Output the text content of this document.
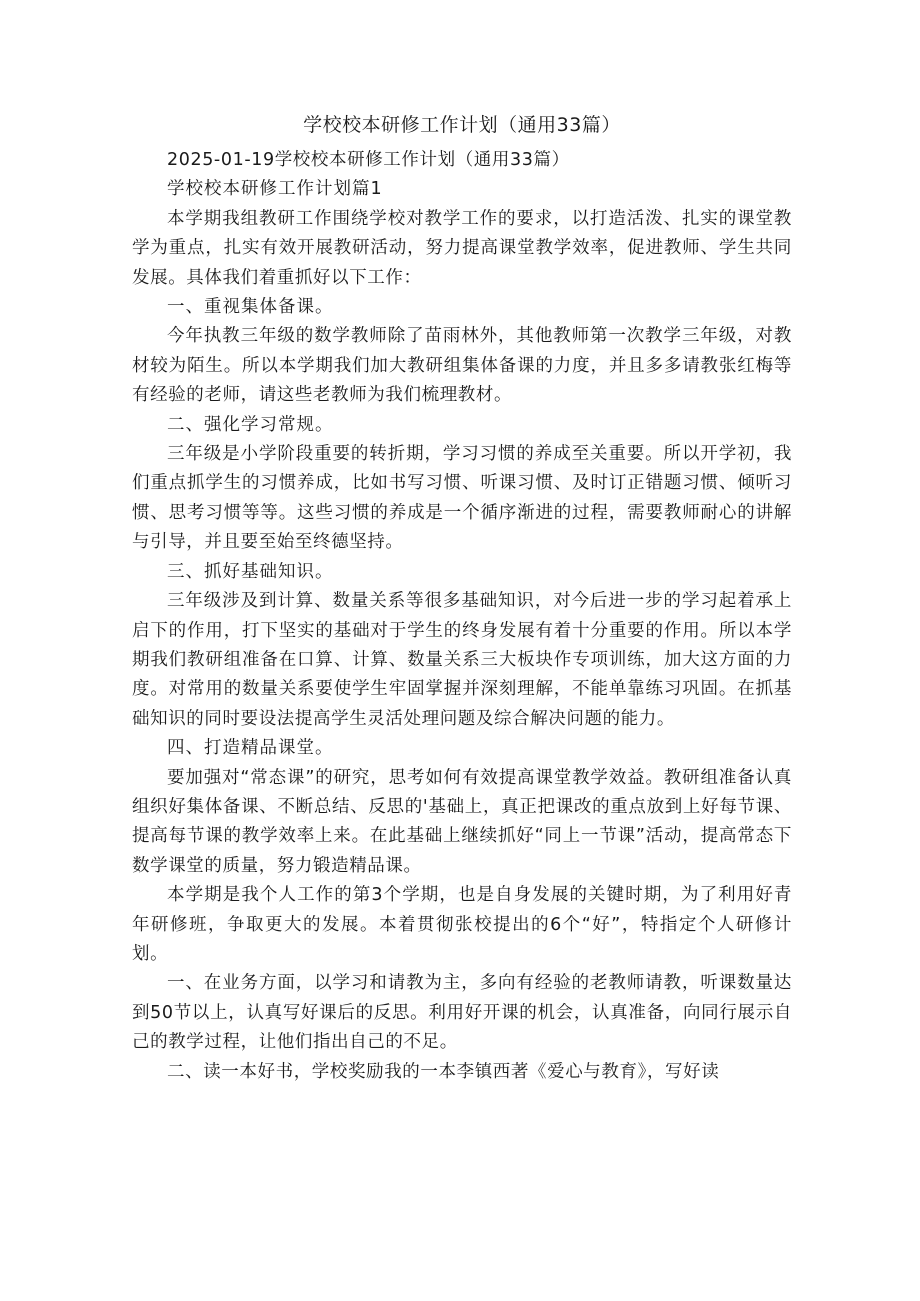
学校校本研修工作计划（通用33篇）

2025-01-19学校校本研修工作计划（通用33篇）

学校校本研修工作计划篇1

本学期我组教研工作围绕学校对教学工作的要求，以打造活泼、扎实的课堂教学为重点，扎实有效开展教研活动，努力提高课堂教学效率，促进教师、学生共同发展。具体我们着重抓好以下工作：

一、重视集体备课。

今年执教三年级的数学教师除了苗雨林外，其他教师第一次教学三年级，对教材较为陌生。所以本学期我们加大教研组集体备课的力度，并且多多请教张红梅等有经验的老师，请这些老教师为我们梳理教材。

二、强化学习常规。

三年级是小学阶段重要的转折期，学习习惯的养成至关重要。所以开学初，我们重点抓学生的习惯养成，比如书写习惯、听课习惯、及时订正错题习惯、倾听习惯、思考习惯等等。这些习惯的养成是一个循序渐进的过程，需要教师耐心的讲解与引导，并且要至始至终德坚持。

三、抓好基础知识。

三年级涉及到计算、数量关系等很多基础知识，对今后进一步的学习起着承上启下的作用，打下坚实的基础对于学生的终身发展有着十分重要的作用。所以本学期我们教研组准备在口算、计算、数量关系三大板块作专项训练，加大这方面的力度。对常用的数量关系要使学生牢固掌握并深刻理解，不能单靠练习巩固。在抓基础知识的同时要设法提高学生灵活处理问题及综合解决问题的能力。

四、打造精品课堂。

要加强对“常态课”的研究，思考如何有效提高课堂教学效益。教研组准备认真组织好集体备课、不断总结、反思的'基础上，真正把课改的重点放到上好每节课、提高每节课的教学效率上来。在此基础上继续抓好“同上一节课”活动，提高常态下数学课堂的质量，努力锻造精品课。

本学期是我个人工作的第3个学期，也是自身发展的关键时期，为了利用好青年研修班，争取更大的发展。本着贯彻张校提出的6个“好”，特指定个人研修计划。

一、在业务方面，以学习和请教为主，多向有经验的老教师请教，听课数量达到50节以上，认真写好课后的反思。利用好开课的机会，认真准备，向同行展示自己的教学过程，让他们指出自己的不足。

二、读一本好书，学校奖励我的一本李镇西著《爱心与教育》，写好读
